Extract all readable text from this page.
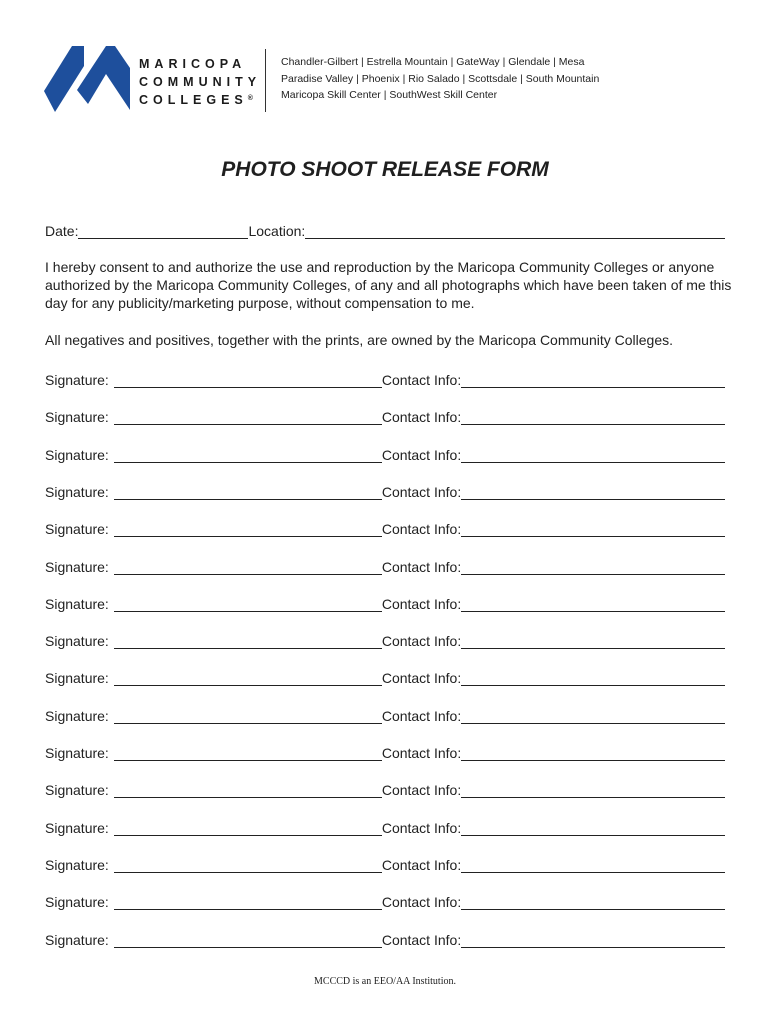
MARICOPA
COMMUNITY
COLLEGES®
Chandler-Gilbert | Estrella Mountain | GateWay | Glendale | Mesa
Paradise Valley | Phoenix | Rio Salado | Scottsdale | South Mountain
Maricopa Skill Center | SouthWest Skill Center
PHOTO SHOOT RELEASE FORM
Date:	Location:
I hereby consent to and authorize the use and reproduction by the Maricopa Community Colleges or anyone authorized by the Maricopa Community Colleges, of any and all photographs which have been taken of me this day for any publicity/marketing purpose, without compensation to me.
All negatives and positives, together with the prints, are owned by the Maricopa Community Colleges.
Signature:	Contact Info:
Signature:	Contact Info:
Signature:	Contact Info:
Signature:	Contact Info:
Signature:	Contact Info:
Signature:	Contact Info:
Signature:	Contact Info:
Signature:	Contact Info:
Signature:	Contact Info:
Signature:	Contact Info:
Signature:	Contact Info:
Signature:	Contact Info:
Signature:	Contact Info:
Signature:	Contact Info:
Signature:	Contact Info:
Signature:	Contact Info:
MCCCD is an EEO/AA Institution.
